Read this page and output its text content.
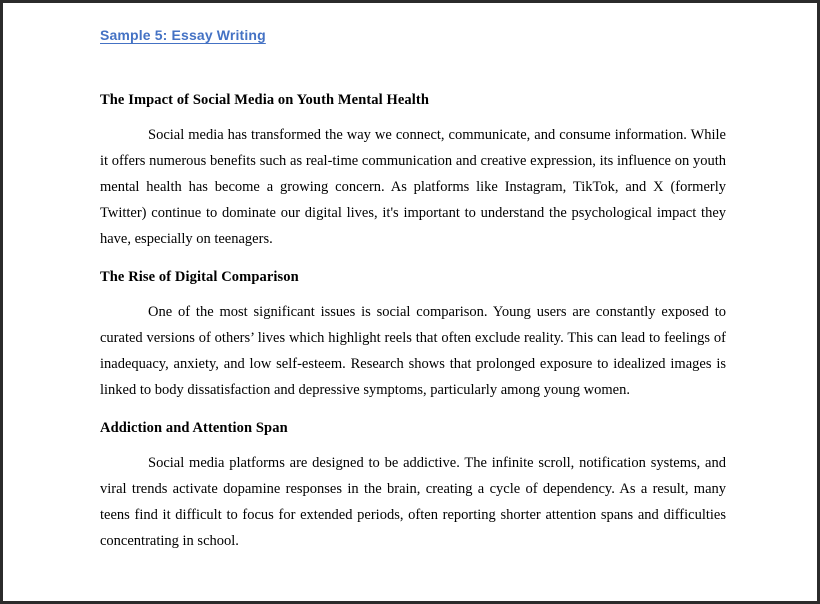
Sample 5: Essay Writing
The Impact of Social Media on Youth Mental Health

Social media has transformed the way we connect, communicate, and consume information. While it offers numerous benefits such as real-time communication and creative expression, its influence on youth mental health has become a growing concern. As platforms like Instagram, TikTok, and X (formerly Twitter) continue to dominate our digital lives, it's important to understand the psychological impact they have, especially on teenagers.

The Rise of Digital Comparison

One of the most significant issues is social comparison. Young users are constantly exposed to curated versions of others’ lives which highlight reels that often exclude reality. This can lead to feelings of inadequacy, anxiety, and low self-esteem. Research shows that prolonged exposure to idealized images is linked to body dissatisfaction and depressive symptoms, particularly among young women.

Addiction and Attention Span

Social media platforms are designed to be addictive. The infinite scroll, notification systems, and viral trends activate dopamine responses in the brain, creating a cycle of dependency. As a result, many teens find it difficult to focus for extended periods, often reporting shorter attention spans and difficulties concentrating in school.
